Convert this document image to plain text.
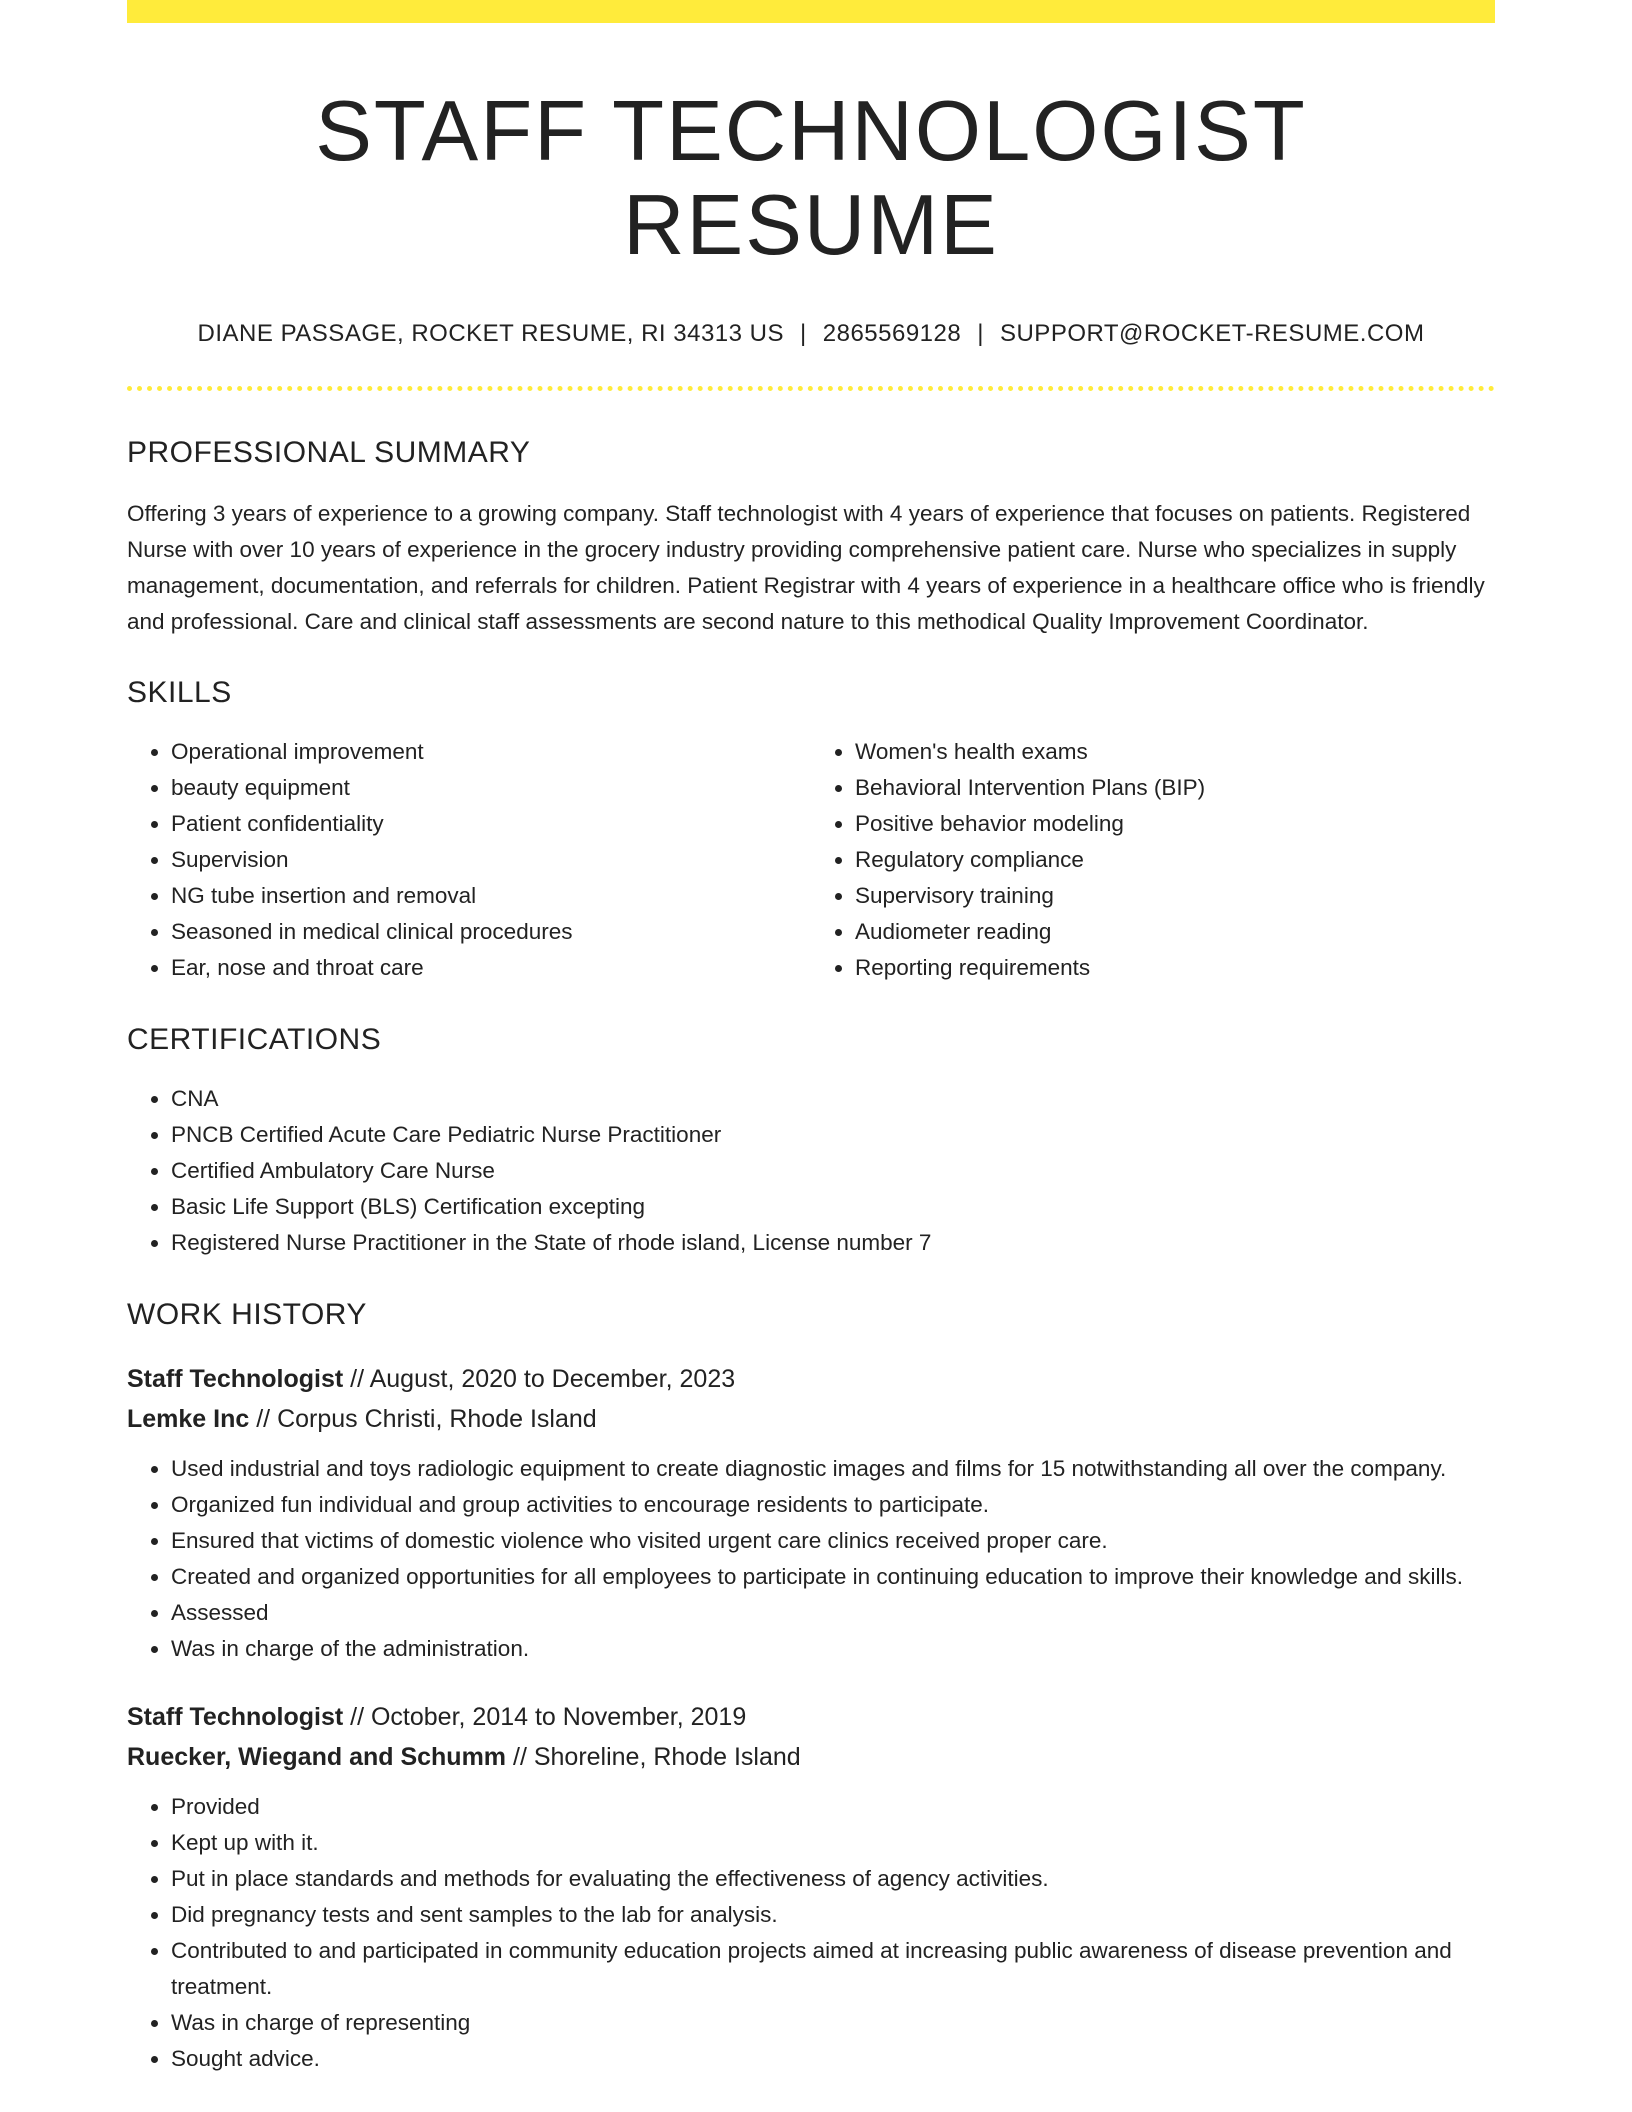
STAFF TECHNOLOGIST RESUME
DIANE PASSAGE, ROCKET RESUME, RI 34313 US | 2865569128 | SUPPORT@ROCKET-RESUME.COM
PROFESSIONAL SUMMARY

Offering 3 years of experience to a growing company. Staff technologist with 4 years of experience that focuses on patients. Registered Nurse with over 10 years of experience in the grocery industry providing comprehensive patient care. Nurse who specializes in supply management, documentation, and referrals for children. Patient Registrar with 4 years of experience in a healthcare office who is friendly and professional. Care and clinical staff assessments are second nature to this methodical Quality Improvement Coordinator.

SKILLS
• Operational improvement
• beauty equipment
• Patient confidentiality
• Supervision
• NG tube insertion and removal
• Seasoned in medical clinical procedures
• Ear, nose and throat care
• Women's health exams
• Behavioral Intervention Plans (BIP)
• Positive behavior modeling
• Regulatory compliance
• Supervisory training
• Audiometer reading
• Reporting requirements
CERTIFICATIONS
• CNA
• PNCB Certified Acute Care Pediatric Nurse Practitioner
• Certified Ambulatory Care Nurse
• Basic Life Support (BLS) Certification excepting
• Registered Nurse Practitioner in the State of rhode island, License number 7
WORK HISTORY
Staff Technologist // August, 2020 to December, 2023
Lemke Inc // Corpus Christi, Rhode Island
• Used industrial and toys radiologic equipment to create diagnostic images and films for 15 notwithstanding all over the company.
• Organized fun individual and group activities to encourage residents to participate.
• Ensured that victims of domestic violence who visited urgent care clinics received proper care.
• Created and organized opportunities for all employees to participate in continuing education to improve their knowledge and skills.
• Assessed
• Was in charge of the administration.
Staff Technologist // October, 2014 to November, 2019
Ruecker, Wiegand and Schumm // Shoreline, Rhode Island
• Provided
• Kept up with it.
• Put in place standards and methods for evaluating the effectiveness of agency activities.
• Did pregnancy tests and sent samples to the lab for analysis.
• Contributed to and participated in community education projects aimed at increasing public awareness of disease prevention and treatment.
• Was in charge of representing
• Sought advice.
